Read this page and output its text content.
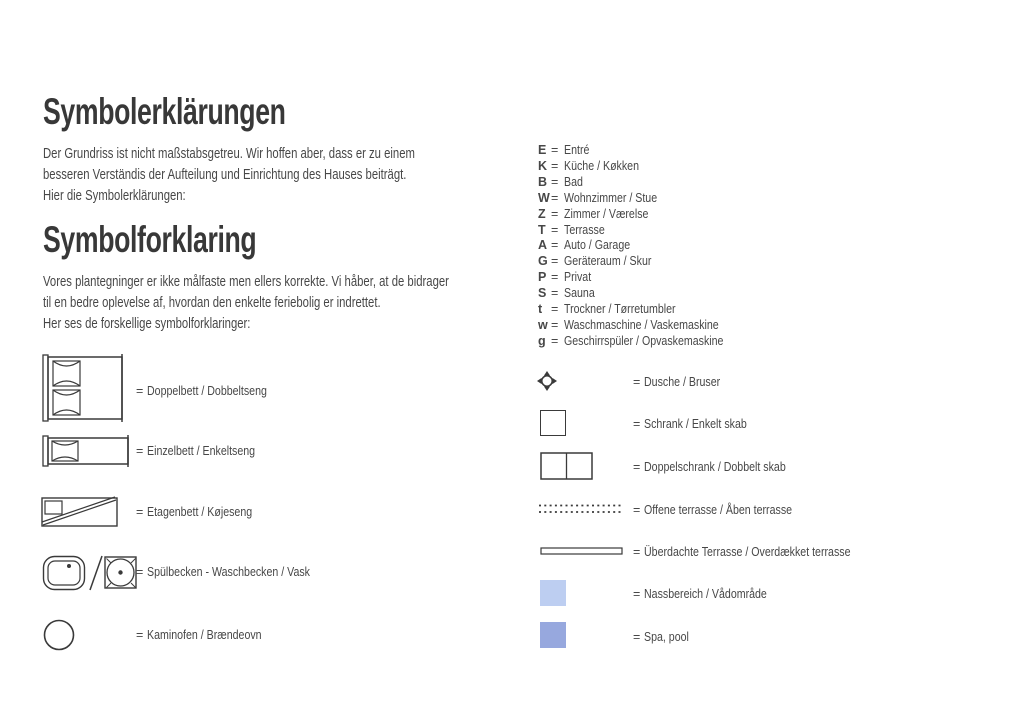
Symbolerklärungen
Der Grundriss ist nicht maßstabsgetreu. Wir hoffen aber, dass er zu einem
besseren Verständis der Aufteilung und Einrichtung des Hauses beiträgt.
Hier die Symbolerklärungen:
Symbolforklaring
Vores plantegninger er ikke målfaste men ellers korrekte. Vi håber, at de bidrager
til en bedre oplevelse af, hvordan den enkelte feriebolig er indrettet.
Her ses de forskellige symbolforklaringer:
E = Entré
K = Küche / Køkken
B = Bad
W= Wohnzimmer / Stue
Z = Zimmer / Værelse
T = Terrasse
A = Auto / Garage
G = Geräteraum / Skur
P = Privat
S = Sauna
t = Trockner / Tørretumbler
w = Waschmaschine / Vaskemaskine
g = Geschirrspüler / Opvaskemaskine
= Doppelbett / Dobbeltseng
= Einzelbett / Enkeltseng
= Etagenbett / Køjeseng
= Spülbecken - Waschbecken / Vask
= Kaminofen / Brændeovn
= Dusche / Bruser
= Schrank / Enkelt skab
= Doppelschrank / Dobbelt skab
= Offene terrasse / Åben terrasse
= Überdachte Terrasse / Overdækket terrasse
= Nassbereich / Vådområde
= Spa, pool
